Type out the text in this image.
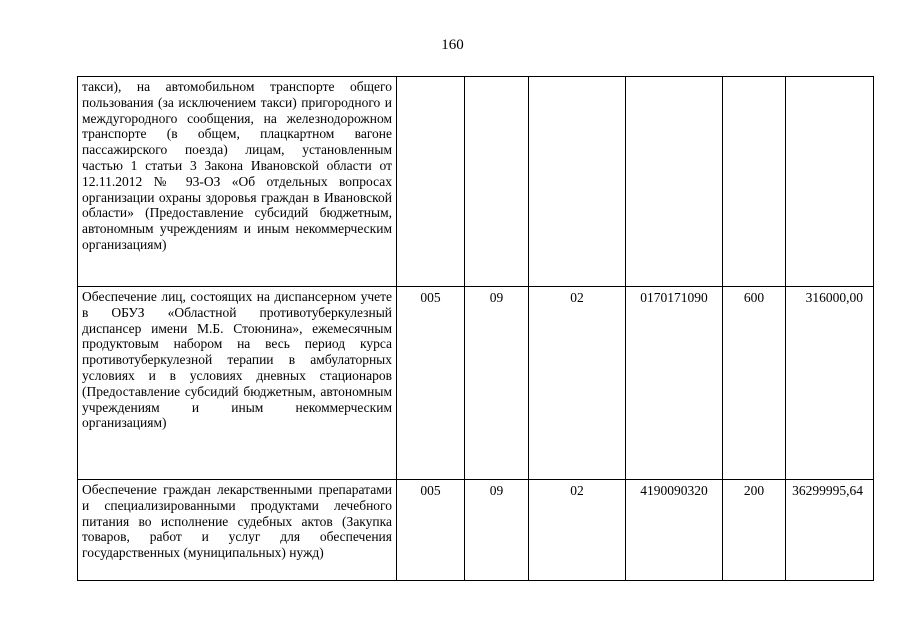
160
такси), на автомобильном транспорте общего пользования (за исключением такси) пригородного и междугородного сообщения, на железнодорожном транспорте (в общем, плацкартном вагоне пассажирского поезда) лицам, установленным частью 1 статьи 3 Закона Ивановской области от 12.11.2012 № 93-ОЗ «Об отдельных вопросах организации охраны здоровья граждан в Ивановской области» (Предоставление субсидий бюджетным, автономным учреждениям и иным некоммерческим организациям)						
Обеспечение лиц, состоящих на диспансерном учете в ОБУЗ «Областной противотуберкулезный диспансер имени М.Б. Стоюнина», ежемесячным продуктовым набором на весь период курса противотуберкулезной терапии в амбулаторных условиях и в условиях дневных стационаров (Предоставление субсидий бюджетным, автономным учреждениям и иным некоммерческим организациям)	005	09	02	0170171090	600	316000,00
Обеспечение граждан лекарственными препаратами и специализированными продуктами лечебного питания во исполнение судебных актов (Закупка товаров, работ и услуг для обеспечения государственных (муниципальных) нужд)	005	09	02	4190090320	200	36299995,64
